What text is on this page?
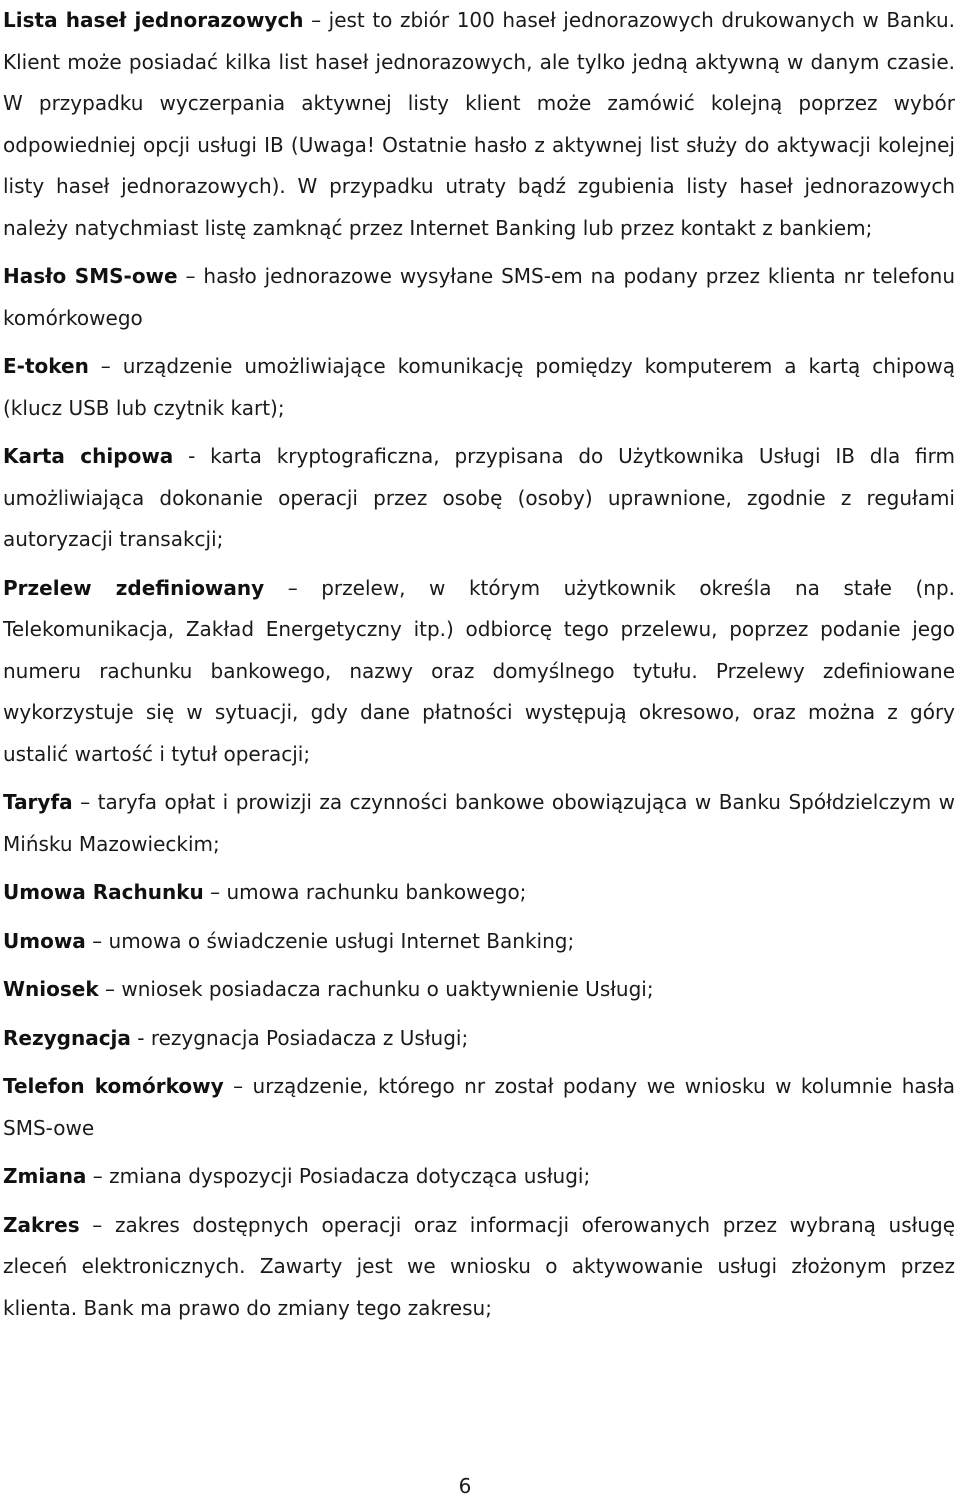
Lista haseł jednorazowych – jest to zbiór 100 haseł jednorazowych drukowanych w Banku. Klient może posiadać kilka list haseł jednorazowych, ale tylko jedną aktywną w danym czasie. W przypadku wyczerpania aktywnej listy klient może zamówić kolejną poprzez wybór odpowiedniej opcji usługi IB (Uwaga! Ostatnie hasło z aktywnej list służy do aktywacji kolejnej listy haseł jednorazowych). W przypadku utraty bądź zgubienia listy haseł jednorazowych należy natychmiast listę zamknąć przez Internet Banking lub przez kontakt z bankiem;

Hasło SMS-owe – hasło jednorazowe wysyłane SMS-em na podany przez klienta nr telefonu komórkowego

E-token – urządzenie umożliwiające komunikację pomiędzy komputerem a kartą chipową (klucz USB lub czytnik kart);

Karta chipowa - karta kryptograficzna, przypisana do Użytkownika Usługi IB dla firm umożliwiająca dokonanie operacji przez osobę (osoby) uprawnione, zgodnie z regułami autoryzacji transakcji;

Przelew zdefiniowany – przelew, w którym użytkownik określa na stałe (np. Telekomunikacja, Zakład Energetyczny itp.) odbiorcę tego przelewu, poprzez podanie jego numeru rachunku bankowego, nazwy oraz domyślnego tytułu. Przelewy zdefiniowane wykorzystuje się w sytuacji, gdy dane płatności występują okresowo, oraz można z góry ustalić wartość i tytuł operacji;

Taryfa – taryfa opłat i prowizji za czynności bankowe obowiązująca w Banku Spółdzielczym w Mińsku Mazowieckim;

Umowa Rachunku – umowa rachunku bankowego;

Umowa – umowa o świadczenie usługi Internet Banking;

Wniosek – wniosek posiadacza rachunku o uaktywnienie Usługi;

Rezygnacja - rezygnacja Posiadacza z Usługi;

Telefon komórkowy – urządzenie, którego nr został podany we wniosku w kolumnie hasła SMS-owe

Zmiana – zmiana dyspozycji Posiadacza dotycząca usługi;

Zakres – zakres dostępnych operacji oraz informacji oferowanych przez wybraną usługę zleceń elektronicznych. Zawarty jest we wniosku o aktywowanie usługi złożonym przez klienta. Bank ma prawo do zmiany tego zakresu;

6
